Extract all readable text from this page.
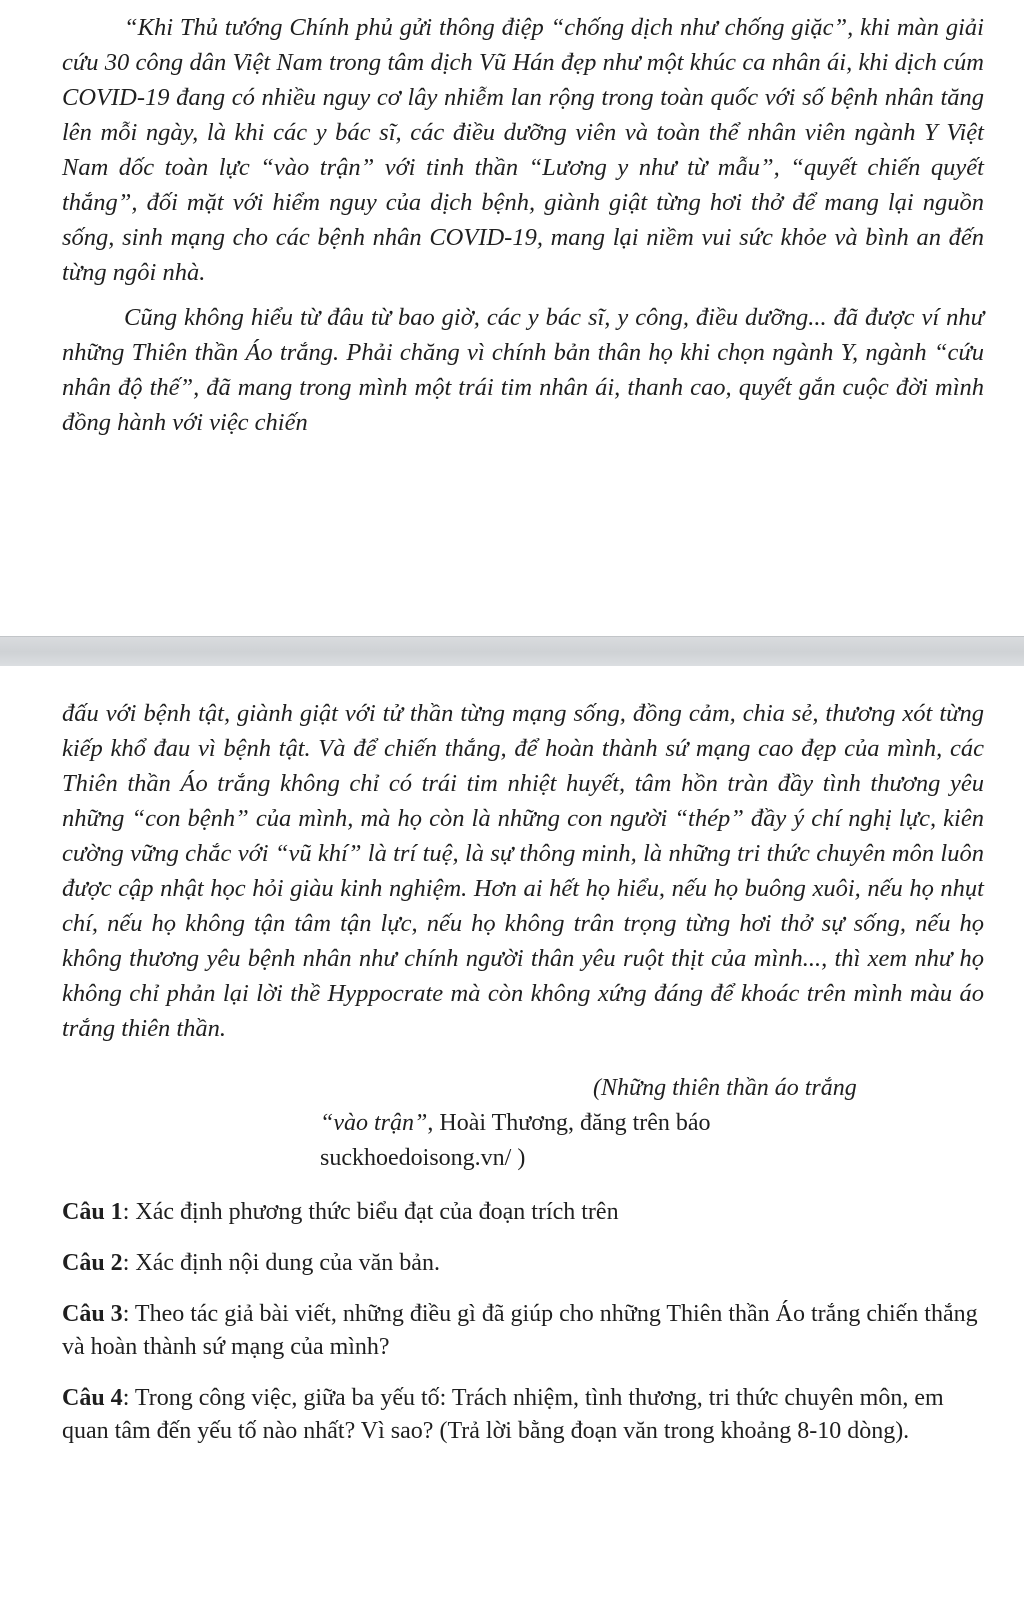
“Khi Thủ tướng Chính phủ gửi thông điệp “chống dịch như chống giặc”, khi màn giải cứu 30 công dân Việt Nam trong tâm dịch Vũ Hán đẹp như một khúc ca nhân ái, khi dịch cúm COVID-19 đang có nhiều nguy cơ lây nhiễm lan rộng trong toàn quốc với số bệnh nhân tăng lên mỗi ngày, là khi các y bác sĩ, các điều dưỡng viên và toàn thể nhân viên ngành Y Việt Nam dốc toàn lực “vào trận” với tinh thần “Lương y như từ mẫu”, “quyết chiến quyết thắng”, đối mặt với hiểm nguy của dịch bệnh, giành giật từng hơi thở để mang lại nguồn sống, sinh mạng cho các bệnh nhân COVID-19, mang lại niềm vui sức khỏe và bình an đến từng ngôi nhà.

Cũng không hiểu từ đâu từ bao giờ, các y bác sĩ, y công, điều dưỡng... đã được ví như những Thiên thần Áo trắng. Phải chăng vì chính bản thân họ khi chọn ngành Y, ngành “cứu nhân độ thế”, đã mang trong mình một trái tim nhân ái, thanh cao, quyết gắn cuộc đời mình đồng hành với việc chiến

đấu với bệnh tật, giành giật với tử thần từng mạng sống, đồng cảm, chia sẻ, thương xót từng kiếp khổ đau vì bệnh tật. Và để chiến thắng, để hoàn thành sứ mạng cao đẹp của mình, các Thiên thần Áo trắng không chỉ có trái tim nhiệt huyết, tâm hồn tràn đầy tình thương yêu những “con bệnh” của mình, mà họ còn là những con người “thép” đầy ý chí nghị lực, kiên cường vững chắc với “vũ khí” là trí tuệ, là sự thông minh, là những tri thức chuyên môn luôn được cập nhật học hỏi giàu kinh nghiệm. Hơn ai hết họ hiểu, nếu họ buông xuôi, nếu họ nhụt chí, nếu họ không tận tâm tận lực, nếu họ không trân trọng từng hơi thở sự sống, nếu họ không thương yêu bệnh nhân như chính người thân yêu ruột thịt của mình..., thì xem như họ không chỉ phản lại lời thề Hyppocrate mà còn không xứng đáng để khoác trên mình màu áo trắng thiên thần.

(Những thiên thần áo trắng

“vào trận”, Hoài Thương, đăng trên báo

suckhoedoisong.vn/ )

Câu 1: Xác định phương thức biểu đạt của đoạn trích trên

Câu 2: Xác định nội dung của văn bản.

Câu 3: Theo tác giả bài viết, những điều gì đã giúp cho những Thiên thần Áo trắng chiến thắng và hoàn thành sứ mạng của mình?

Câu 4: Trong công việc, giữa ba yếu tố: Trách nhiệm, tình thương, tri thức chuyên môn, em quan tâm đến yếu tố nào nhất? Vì sao? (Trả lời bằng đoạn văn trong khoảng 8-10 dòng).
